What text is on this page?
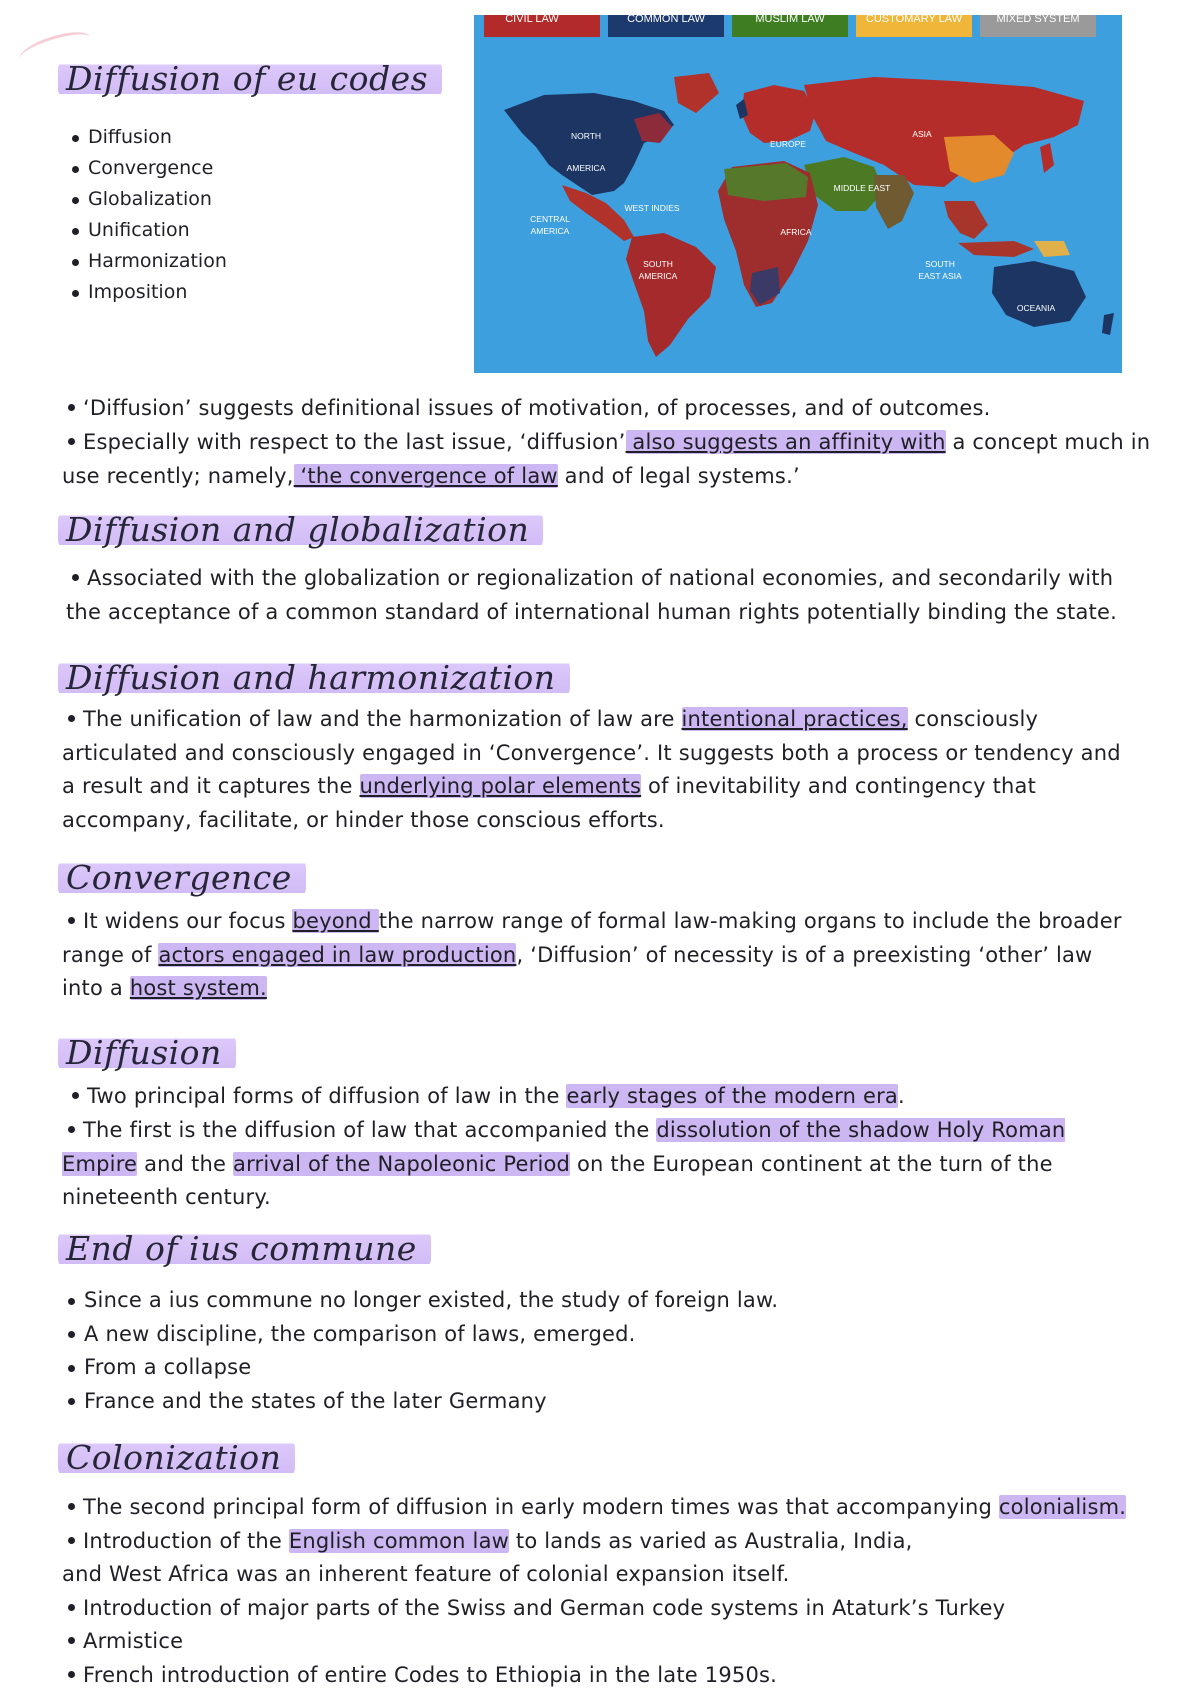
Diffusion of eu codes
Diffusion
Convergence
Globalization
Unification
Harmonization
Imposition
CIVIL LAW	COMMON LAW	MUSLIM LAW	CUSTOMARY LAW	MIXED SYSTEM
NORTH
AMERICA
CENTRAL
AMERICA
WEST INDIES
SOUTH
AMERICA
EUROPE
ASIA
MIDDLE EAST
AFRICA
SOUTH
EAST ASIA
OCEANIA

‘Diffusion’ suggests definitional issues of motivation, of processes, and of outcomes.

Especially with respect to the last issue, ‘diffusion’ also suggests an affinity with a concept much in use recently; namely, ‘the convergence of law and of legal systems.’

Diffusion and globalization

Associated with the globalization or regionalization of national economies, and secondarily with the acceptance of a common standard of international human rights potentially binding the state.

Diffusion and harmonization

The unification of law and the harmonization of law are intentional practices, consciously articulated and consciously engaged in ‘Convergence’. It suggests both a process or tendency and a result and it captures the underlying polar elements of inevitability and contingency that accompany, facilitate, or hinder those conscious efforts.

Convergence

It widens our focus beyond the narrow range of formal law-making organs to include the broader range of actors engaged in law production, ‘Diffusion’ of necessity is of a preexisting ‘other’ law into a host system.

Diffusion

Two principal forms of diffusion of law in the early stages of the modern era.

The first is the diffusion of law that accompanied the dissolution of the shadow Holy Roman Empire and the arrival of the Napoleonic Period on the European continent at the turn of the nineteenth century.

End of ius commune
Since a ius commune no longer existed, the study of foreign law.
A new discipline, the comparison of laws, emerged.
From a collapse
France and the states of the later Germany
Colonization
The second principal form of diffusion in early modern times was that accompanying colonialism.
Introduction of the English common law to lands as varied as Australia, India,
and West Africa was an inherent feature of colonial expansion itself.
Introduction of major parts of the Swiss and German code systems in Ataturk’s Turkey
Armistice
French introduction of entire Codes to Ethiopia in the late 1950s.
